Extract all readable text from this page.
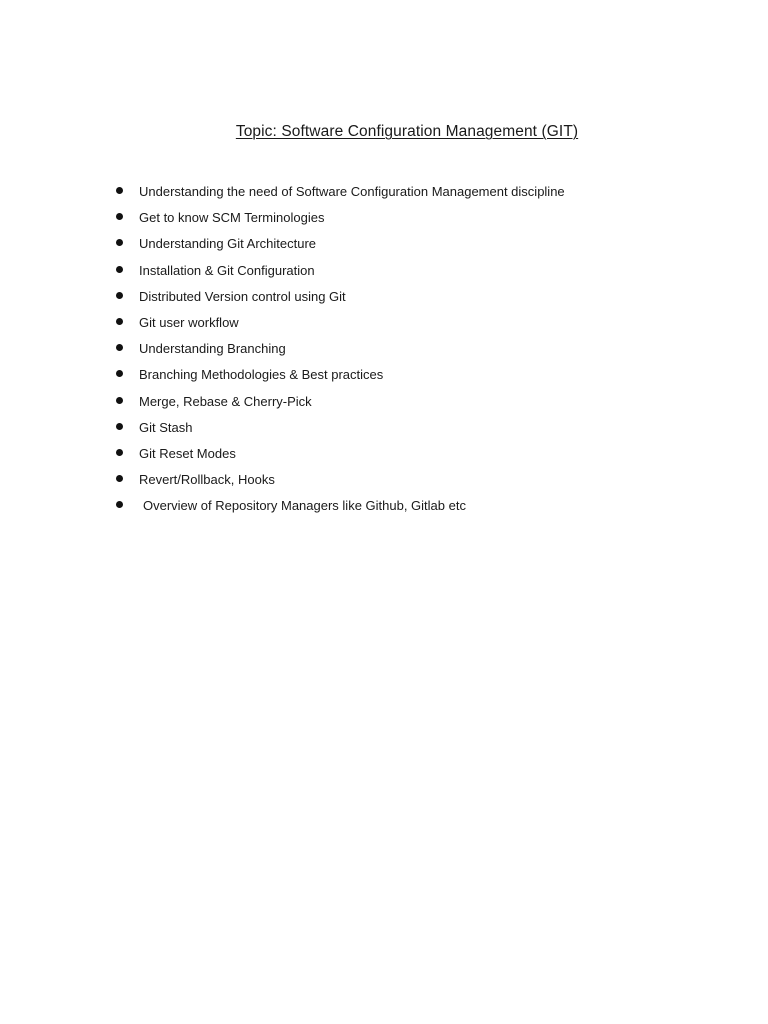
Topic: Software Configuration Management (GIT)
Understanding the need of Software Configuration Management discipline
Get to know SCM Terminologies
Understanding Git Architecture
Installation & Git Configuration
Distributed Version control using Git
Git user workflow
Understanding Branching
Branching Methodologies & Best practices
Merge, Rebase & Cherry-Pick
Git Stash
Git Reset Modes
Revert/Rollback, Hooks
Overview of Repository Managers like Github, Gitlab etc
